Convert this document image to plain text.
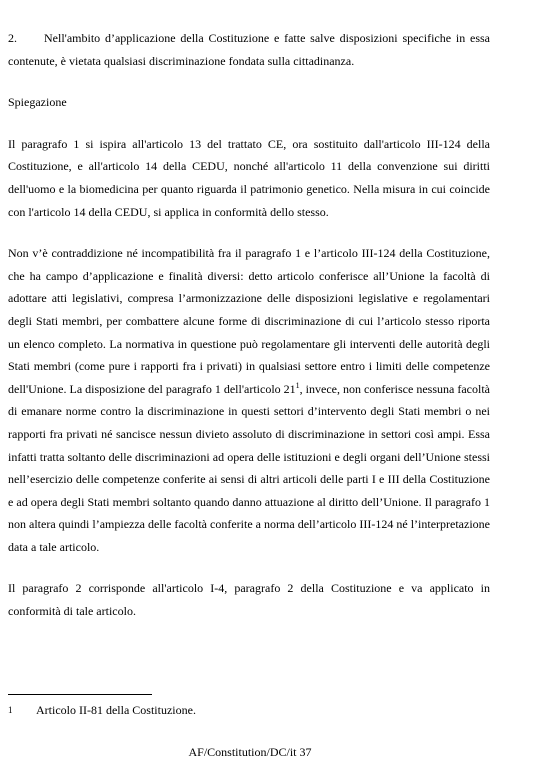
2. Nell'ambito d’applicazione della Costituzione e fatte salve disposizioni specifiche in essa contenute, è vietata qualsiasi discriminazione fondata sulla cittadinanza.

Spiegazione

Il paragrafo 1 si ispira all'articolo 13 del trattato CE, ora sostituito dall'articolo III-124 della Costituzione, e all'articolo 14 della CEDU, nonché all'articolo 11 della convenzione sui diritti dell'uomo e la biomedicina per quanto riguarda il patrimonio genetico. Nella misura in cui coincide con l'articolo 14 della CEDU, si applica in conformità dello stesso.

Non v’è contraddizione né incompatibilità fra il paragrafo 1 e l’articolo III-124 della Costituzione, che ha campo d’applicazione e finalità diversi: detto articolo conferisce all’Unione la facoltà di adottare atti legislativi, compresa l’armonizzazione delle disposizioni legislative e regolamentari degli Stati membri, per combattere alcune forme di discriminazione di cui l’articolo stesso riporta un elenco completo. La normativa in questione può regolamentare gli interventi delle autorità degli Stati membri (come pure i rapporti fra i privati) in qualsiasi settore entro i limiti delle competenze dell'Unione. La disposizione del paragrafo 1 dell'articolo $21^1$, invece, non conferisce nessuna facoltà di emanare norme contro la discriminazione in questi settori d’intervento degli Stati membri o nei rapporti fra privati né sancisce nessun divieto assoluto di discriminazione in settori così ampi. Essa infatti tratta soltanto delle discriminazioni ad opera delle istituzioni e degli organi dell’Unione stessi nell’esercizio delle competenze conferite ai sensi di altri articoli delle parti I e III della Costituzione e ad opera degli Stati membri soltanto quando danno attuazione al diritto dell’Unione. Il paragrafo 1 non altera quindi l’ampiezza delle facoltà conferite a norma dell’articolo III-124 né l’interpretazione data a tale articolo.

Il paragrafo 2 corrisponde all'articolo I-4, paragrafo 2 della Costituzione e va applicato in conformità di tale articolo.

1 Articolo II-81 della Costituzione.
AF/Constitution/DC/it 37
